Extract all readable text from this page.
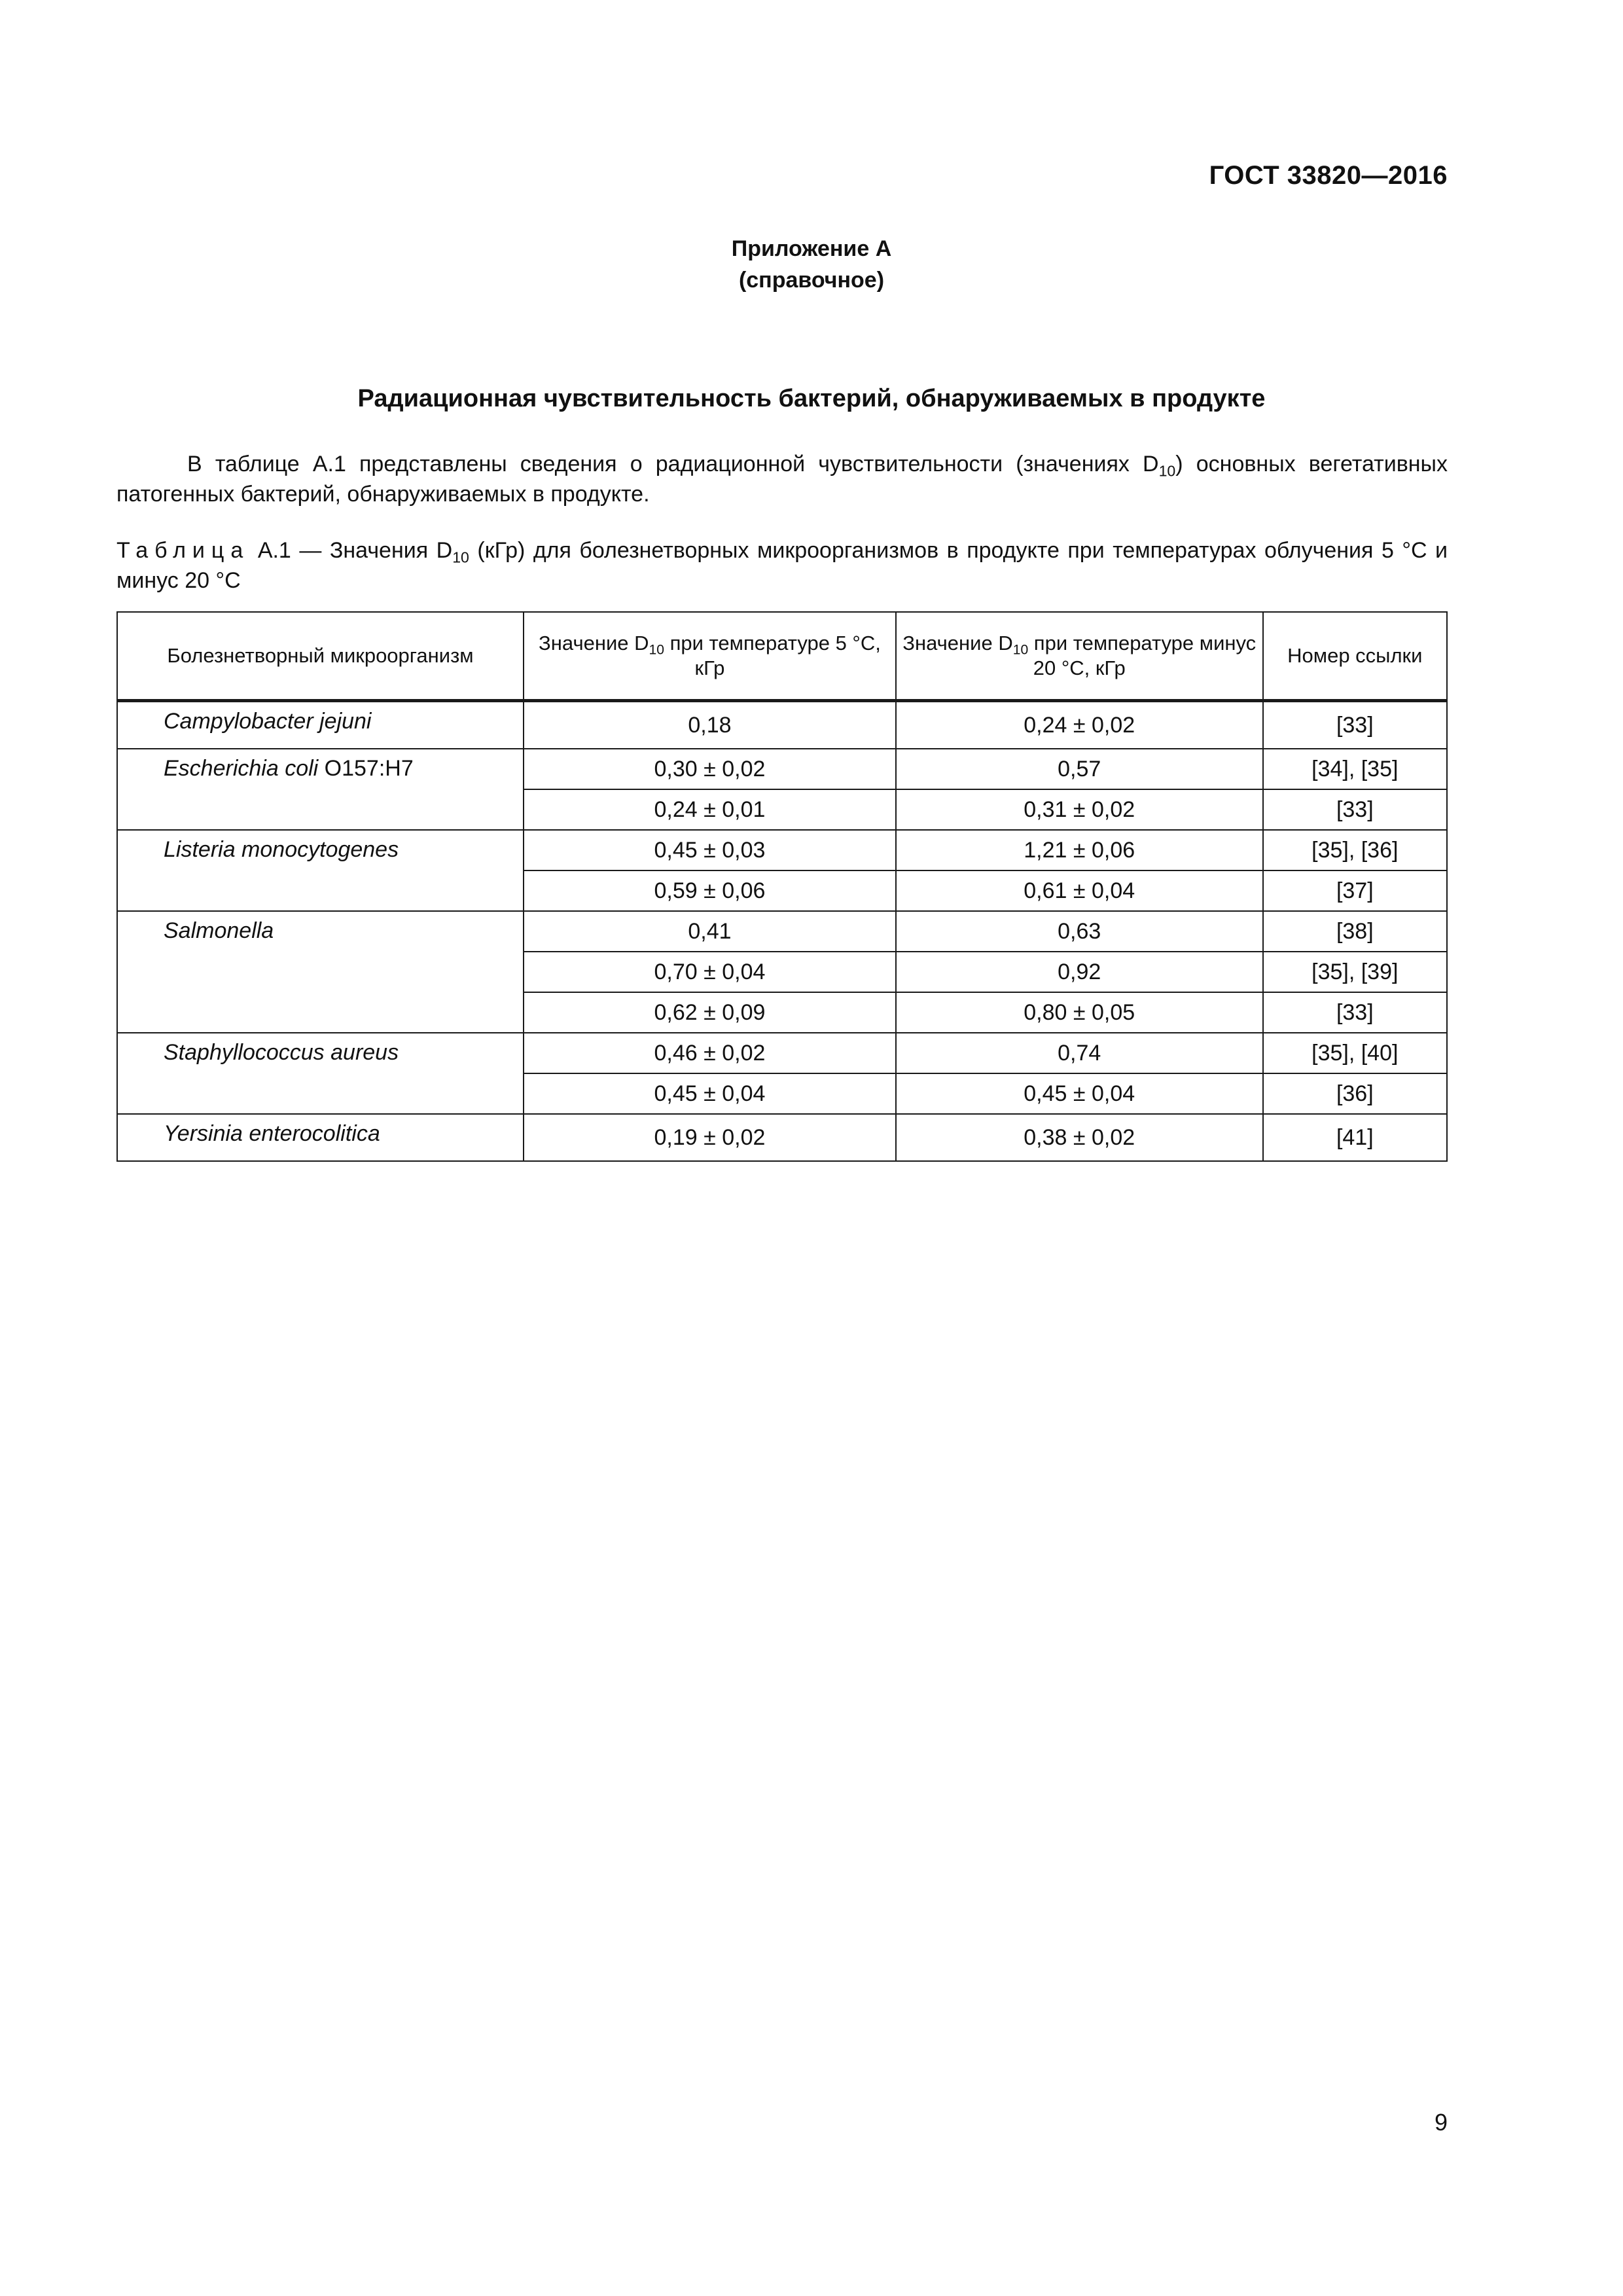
ГОСТ 33820—2016
Приложение А
(справочное)
Радиационная чувствительность бактерий, обнаруживаемых в продукте

В таблице А.1 представлены сведения о радиационной чувствительности (значениях $D_{10}$) основных вегетативных патогенных бактерий, обнаруживаемых в продукте.

Таблица А.1 — Значения $D_{10}$ (кГр) для болезнетворных микроорганизмов в продукте при температурах облучения 5 °С и минус 20 °С

Болезнетворный микроорганизм	Значение $D_{10}$ при температуре 5 °С, кГр	Значение $D_{10}$ при температуре минус 20 °С, кГр	Номер ссылки
Campylobacter jejuni	0,18	0,24 ± 0,02	[33]
Escherichia coli O157:H7	0,30 ± 0,02	0,57	[34], [35]
	0,24 ± 0,01	0,31 ± 0,02	[33]
Listeria monocytogenes	0,45 ± 0,03	1,21 ± 0,06	[35], [36]
	0,59 ± 0,06	0,61 ± 0,04	[37]
Salmonella	0,41	0,63	[38]
	0,70 ± 0,04	0,92	[35], [39]
	0,62 ± 0,09	0,80 ± 0,05	[33]
Staphyllococcus aureus	0,46 ± 0,02	0,74	[35], [40]
	0,45 ± 0,04	0,45 ± 0,04	[36]
Yersinia enterocolitica	0,19 ± 0,02	0,38 ± 0,02	[41]
9
